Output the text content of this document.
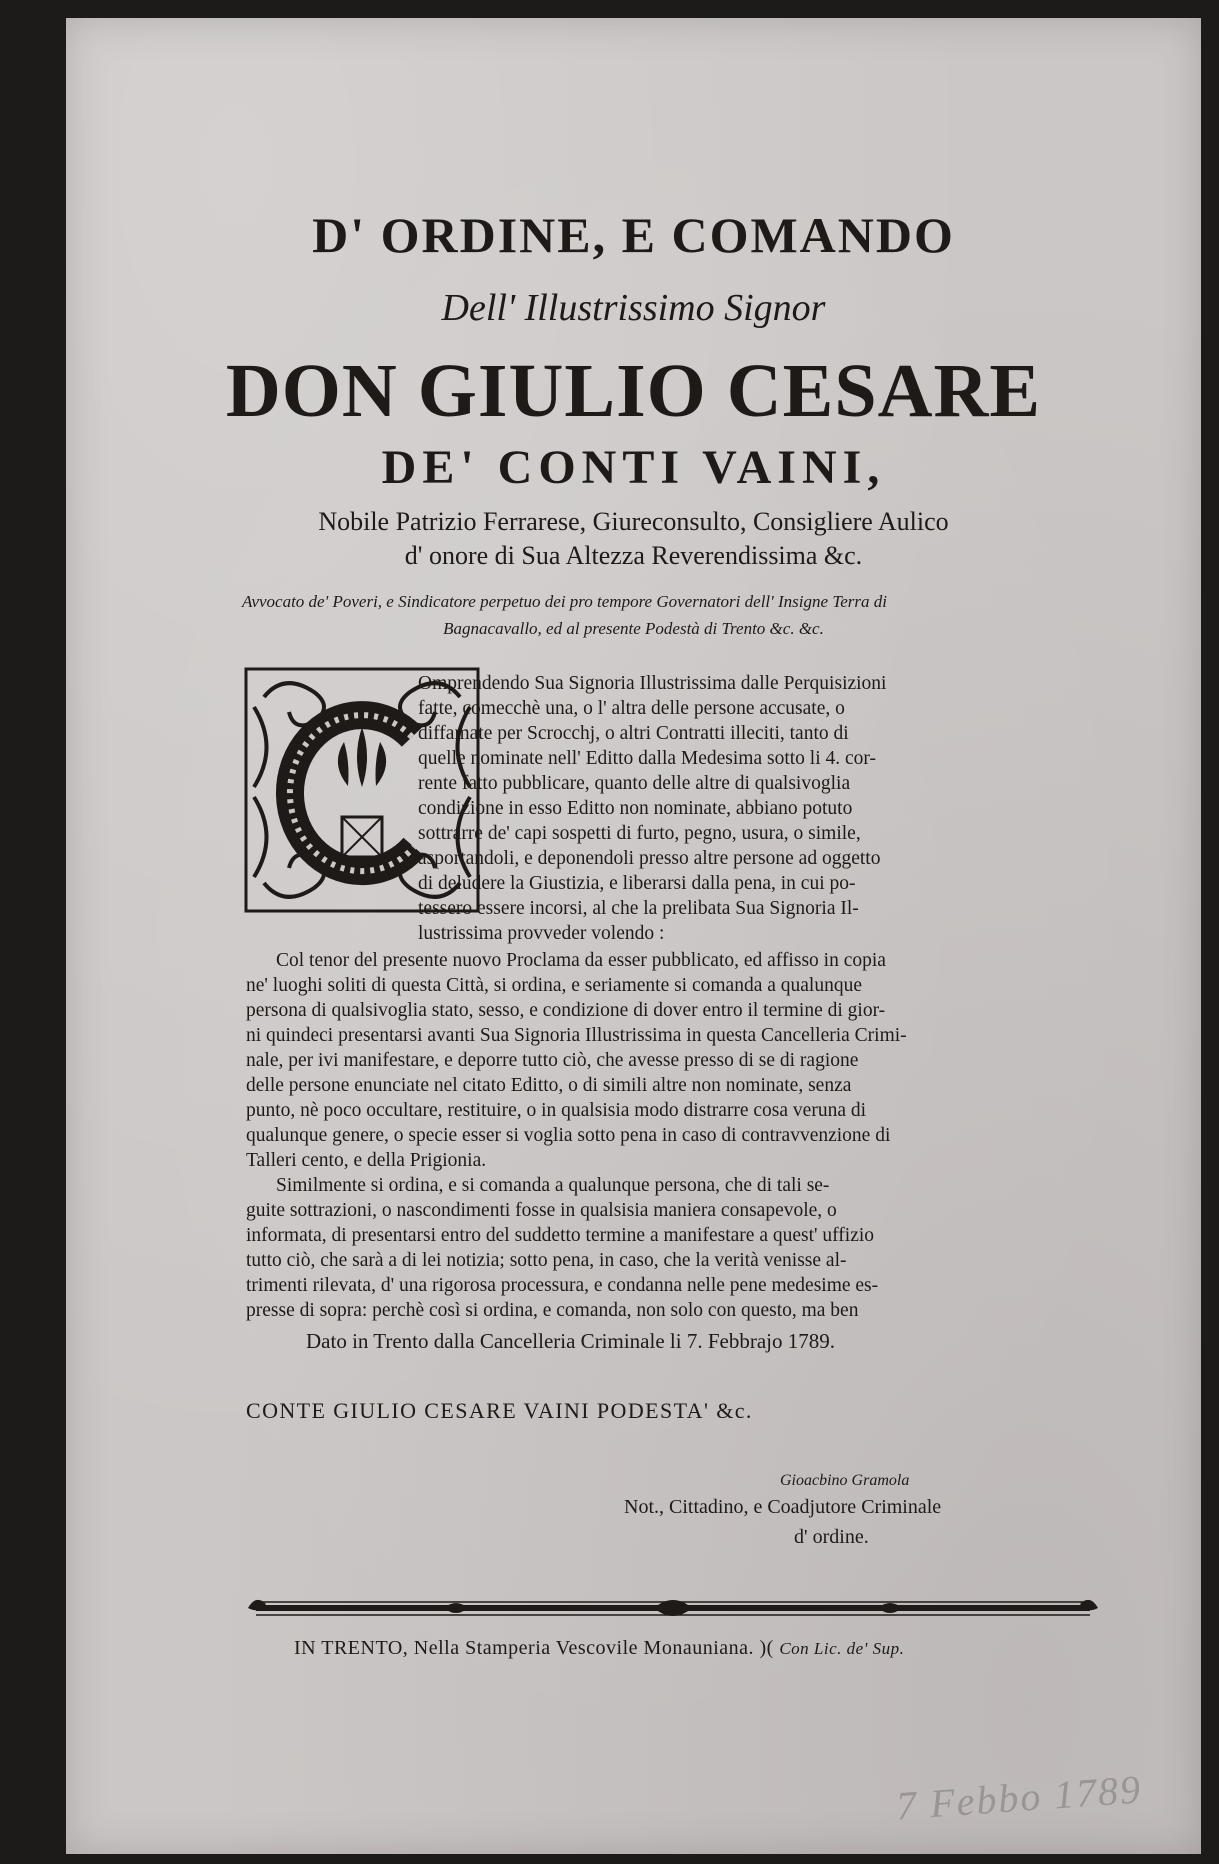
D' ORDINE, E COMANDO

Dell' Illustrissimo Signor

DON GIULIO CESARE

DE' CONTI VAINI,

Nobile Patrizio Ferrarese, Giureconsulto, Consigliere Aulico

d' onore di Sua Altezza Reverendissima &c.

Avvocato de' Poveri, e Sindicatore perpetuo dei pro tempore Governatori dell' Insigne Terra di

Bagnacavallo, ed al presente Podestà di Trento &c. &c.

Omprendendo Sua Signoria Illustrissima dalle Perquisizioni

fatte, comecchè una, o l' altra delle persone accusate, o

diffamate per Scrocchj, o altri Contratti illeciti, tanto di

quelle nominate nell' Editto dalla Medesima sotto li 4. cor-

rente fatto pubblicare, quanto delle altre di qualsivoglia

condizione in esso Editto non nominate, abbiano potuto

sottrarre de' capi sospetti di furto, pegno, usura, o simile,

asportandoli, e deponendoli presso altre persone ad oggetto

di deludere la Giustizia, e liberarsi dalla pena, in cui po-

tessero essere incorsi, al che la prelibata Sua Signoria Il-

lustrissima provveder volendo :

Col tenor del presente nuovo Proclama da esser pubblicato, ed affisso in copia

ne' luoghi soliti di questa Città, si ordina, e seriamente si comanda a qualunque

persona di qualsivoglia stato, sesso, e condizione di dover entro il termine di gior-

ni quindeci presentarsi avanti Sua Signoria Illustrissima in questa Cancelleria Crimi-

nale, per ivi manifestare, e deporre tutto ciò, che avesse presso di se di ragione

delle persone enunciate nel citato Editto, o di simili altre non nominate, senza

punto, nè poco occultare, restituire, o in qualsisia modo distrarre cosa veruna di

qualunque genere, o specie esser si voglia sotto pena in caso di contravvenzione di

Talleri cento, e della Prigionia.

Similmente si ordina, e si comanda a qualunque persona, che di tali se-

guite sottrazioni, o nascondimenti fosse in qualsisia maniera consapevole, o

informata, di presentarsi entro del suddetto termine a manifestare a quest' uffizio

tutto ciò, che sarà a di lei notizia; sotto pena, in caso, che la verità venisse al-

trimenti rilevata, d' una rigorosa processura, e condanna nelle pene medesime es-

presse di sopra: perchè così si ordina, e comanda, non solo con questo, ma ben

Dato in Trento dalla Cancelleria Criminale li 7. Febbrajo 1789.

CONTE GIULIO CESARE VAINI PODESTA' &c.

Gioacbino Gramola

Not., Cittadino, e Coadjutore Criminale

d' ordine.

IN TRENTO, Nella Stamperia Vescovile Monauniana. )( Con Lic. de' Sup.

7 Febbo 1789
